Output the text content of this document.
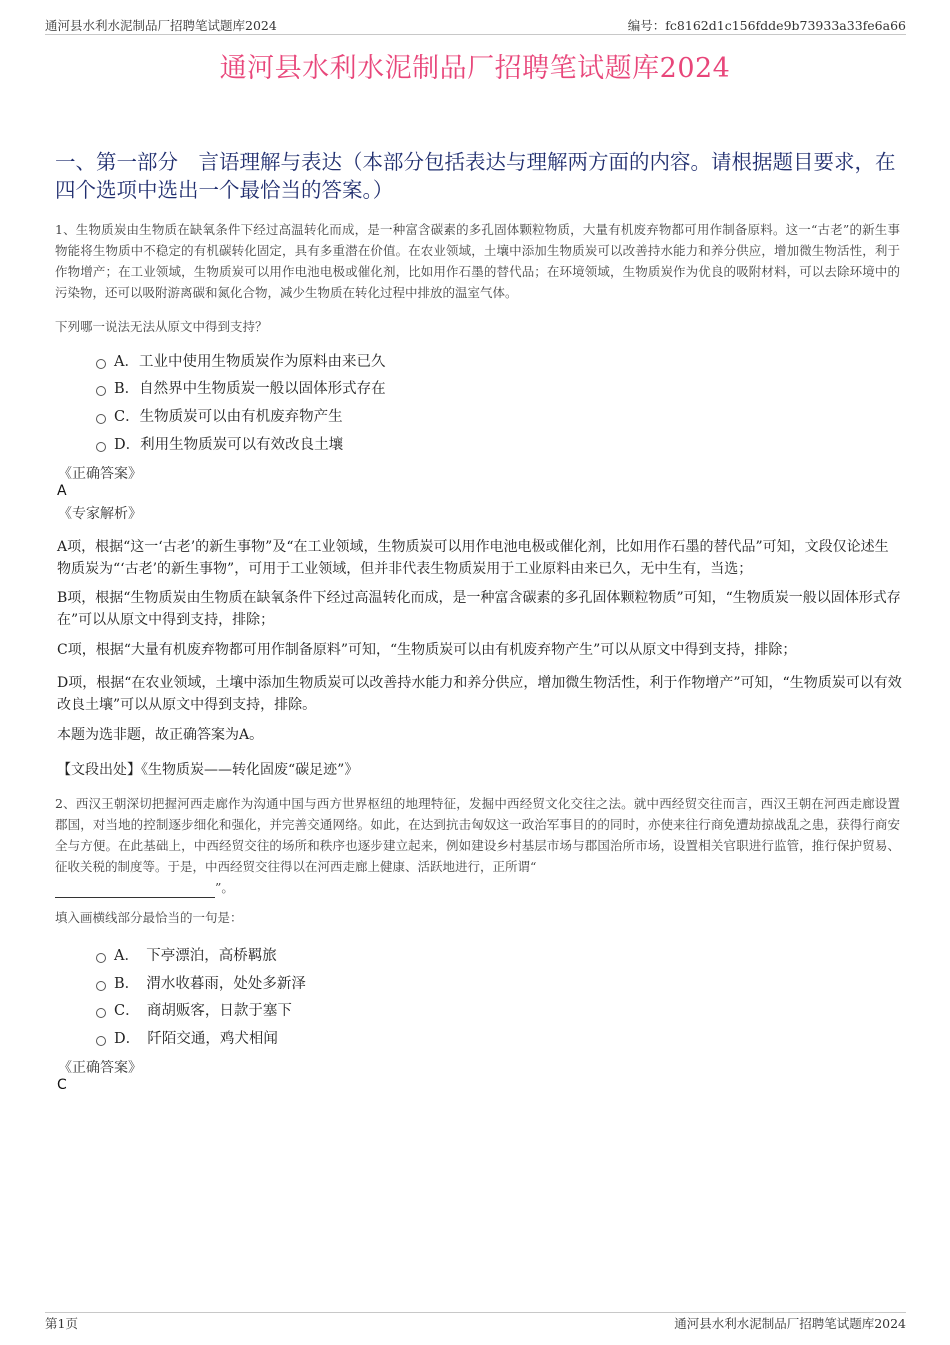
通河县水利水泥制品厂招聘笔试题库2024	编号：fc8162d1c156fdde9b73933a33fe6a66
通河县水利水泥制品厂招聘笔试题库2024
一、第一部分　言语理解与表达（本部分包括表达与理解两方面的内容。请根据题目要求，在四个选项中选出一个最恰当的答案。）
1、生物质炭由生物质在缺氧条件下经过高温转化而成，是一种富含碳素的多孔固体颗粒物质，大量有机废弃物都可用作制备原料。这一“古老”的新生事物能将生物质中不稳定的有机碳转化固定，具有多重潜在价值。在农业领域，土壤中添加生物质炭可以改善持水能力和养分供应，增加微生物活性，利于作物增产；在工业领域，生物质炭可以用作电池电极或催化剂，比如用作石墨的替代品；在环境领域，生物质炭作为优良的吸附材料，可以去除环境中的污染物，还可以吸附游离碳和氮化合物，减少生物质在转化过程中排放的温室气体。
下列哪一说法无法从原文中得到支持？
A．工业中使用生物质炭作为原料由来已久
B．自然界中生物质炭一般以固体形式存在
C．生物质炭可以由有机废弃物产生
D．利用生物质炭可以有效改良土壤
《正确答案》
A
《专家解析》
A项，根据“这一‘古老’的新生事物”及“在工业领域，生物质炭可以用作电池电极或催化剂，比如用作石墨的替代品”可知，文段仅论述生物质炭为“‘古老’的新生事物”，可用于工业领域，但并非代表生物质炭用于工业原料由来已久，无中生有，当选；
B项，根据“生物质炭由生物质在缺氧条件下经过高温转化而成，是一种富含碳素的多孔固体颗粒物质”可知，“生物质炭一般以固体形式存在”可以从原文中得到支持，排除；
C项，根据“大量有机废弃物都可用作制备原料”可知，“生物质炭可以由有机废弃物产生”可以从原文中得到支持，排除；
D项，根据“在农业领域，土壤中添加生物质炭可以改善持水能力和养分供应，增加微生物活性，利于作物增产”可知，“生物质炭可以有效改良土壤”可以从原文中得到支持，排除。
本题为选非题，故正确答案为A。
【文段出处】《生物质炭——转化固废“碳足迹”》
2、西汉王朝深切把握河西走廊作为沟通中国与西方世界枢纽的地理特征，发掘中西经贸文化交往之法。就中西经贸交往而言，西汉王朝在河西走廊设置郡国，对当地的控制逐步细化和强化，并完善交通网络。如此，在达到抗击匈奴这一政治军事目的的同时，亦使来往行商免遭劫掠战乱之患，获得行商安全与方便。在此基础上，中西经贸交往的场所和秩序也逐步建立起来，例如建设乡村基层市场与郡国治所市场，设置相关官职进行监管，推行保护贸易、征收关税的制度等。于是，中西经贸交往得以在河西走廊上健康、活跃地进行，正所谓“
”。
填入画横线部分最恰当的一句是：
A．　下亭漂泊，高桥羁旅
B．　渭水收暮雨，处处多新泽
C．　商胡贩客，日款于塞下
D．　阡陌交通，鸡犬相闻
《正确答案》
C
第1页	通河县水利水泥制品厂招聘笔试题库2024
